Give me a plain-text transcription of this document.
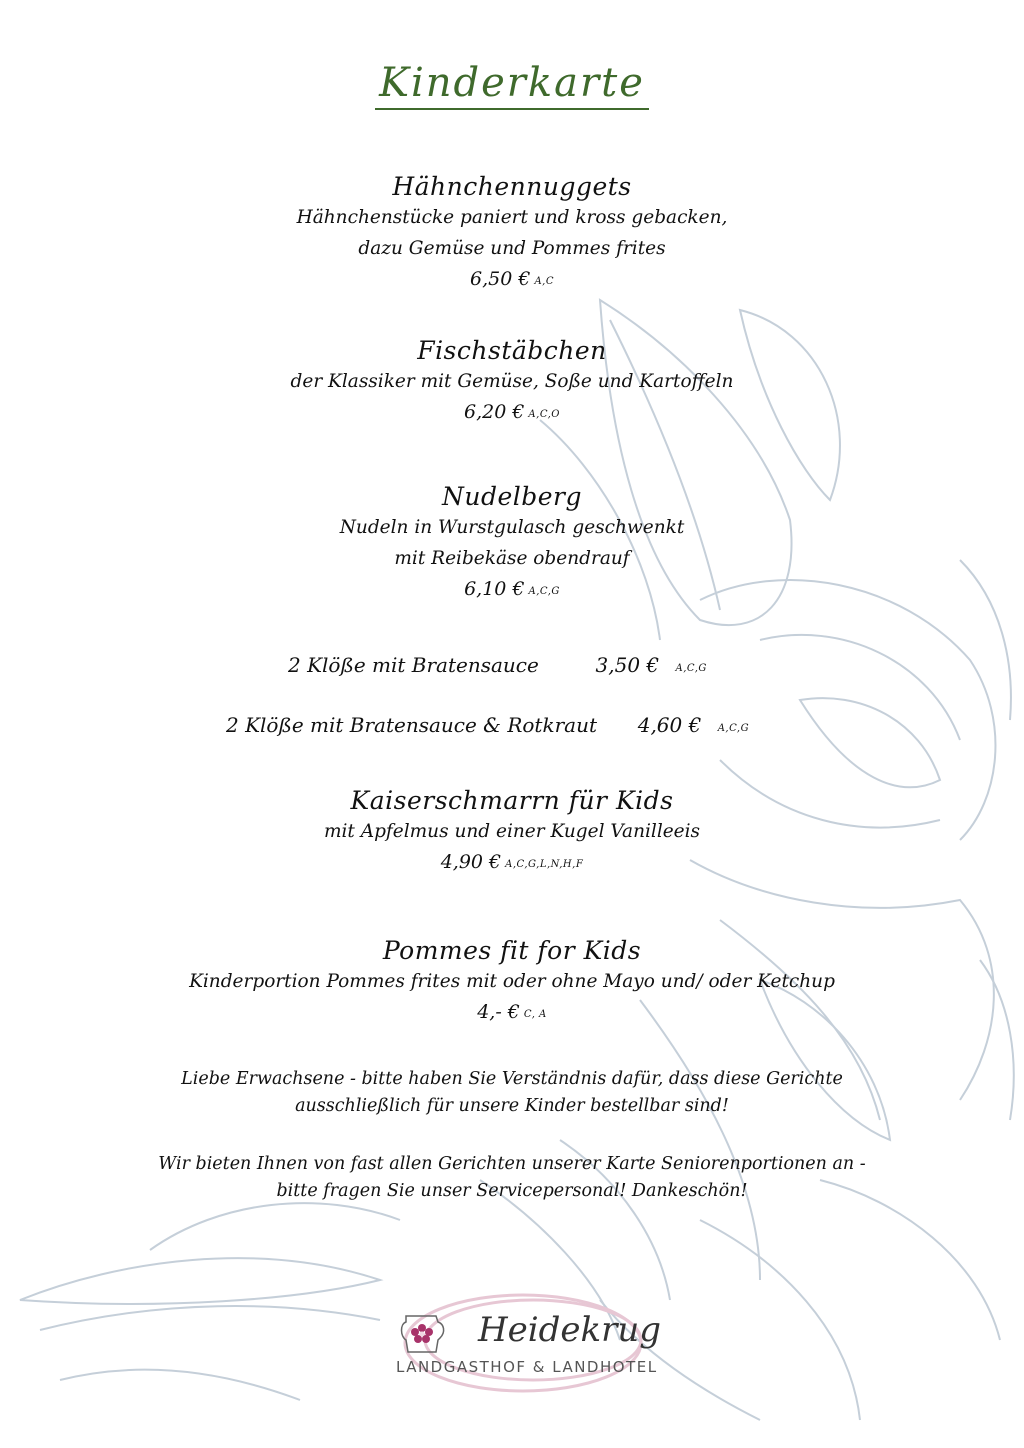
Kinderkarte
Hähnchennuggets
Hähnchenstücke paniert und kross gebacken,
dazu Gemüse und Pommes frites
6,50 € A,C
Fischstäbchen
der Klassiker mit Gemüse, Soße und Kartoffeln
6,20 € A,C,O
Nudelberg
Nudeln in Wurstgulasch geschwenkt
mit Reibekäse obendrauf
6,10 € A,C,G
2 Klöße mit Bratensauce	3,50 € A,C,G
2 Klöße mit Bratensauce & Rotkraut 4,60 € A,C,G
Kaiserschmarrn für Kids
mit Apfelmus und einer Kugel Vanilleeis
4,90 € A,C,G,L,N,H,F
Pommes fit for Kids
Kinderportion Pommes frites mit oder ohne Mayo und/ oder Ketchup
4,- € C, A
Liebe Erwachsene - bitte haben Sie Verständnis dafür, dass diese Gerichte
ausschließlich für unsere Kinder bestellbar sind!
Wir bieten Ihnen von fast allen Gerichten unserer Karte Seniorenportionen an -
bitte fragen Sie unser Servicepersonal! Dankeschön!
Heidekrug
LANDGASTHOF & LANDHOTEL
